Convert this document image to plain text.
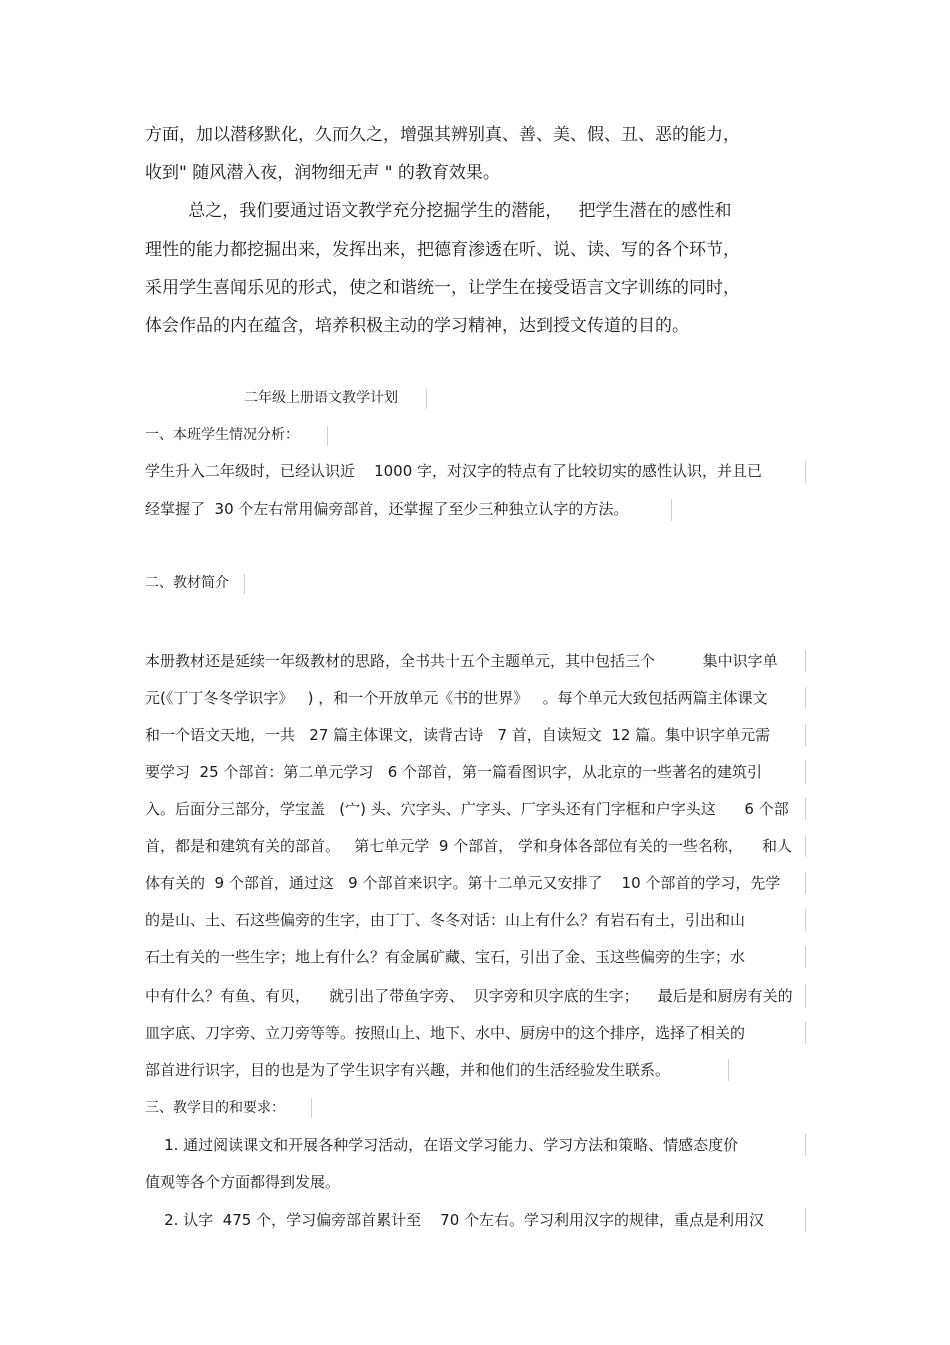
方面，加以潜移默化，久而久之，增强其辨别真、善、美、假、丑、恶的能力，
收到" 随风潜入夜，润物细无声 " 的教育效果。
总之，我们要通过语文教学充分挖掘学生的潜能，   把学生潜在的感性和
理性的能力都挖掘出来，发挥出来，把德育渗透在听、说、读、写的各个环节，
采用学生喜闻乐见的形式，使之和谐统一，让学生在接受语言文字训练的同时，
体会作品的内在蕴含，培养积极主动的学习精神，达到授文传道的目的。
二年级上册语文教学计划
一、本班学生情况分析：
学生升入二年级时，已经认识近    1000 字，对汉字的特点有了比较切实的感性认识，并且已
经掌握了  30 个左右常用偏旁部首，还掌握了至少三种独立认字的方法。
二、教材简介
本册教材还是延续一年级教材的思路，全书共十五个主题单元，其中包括三个          集中识字单
元(《丁丁冬冬学识字》   ) ，和一个开放单元《书的世界》   。每个单元大致包括两篇主体课文
和一个语文天地，一共   27 篇主体课文，读背古诗   7 首，自读短文  12 篇。集中识字单元需
要学习  25 个部首：第二单元学习   6 个部首，第一篇看图识字，从北京的一些著名的建筑引
入。后面分三部分，学宝盖   (宀) 头、穴字头、广字头、厂字头还有门字框和户字头这      6 个部
首，都是和建筑有关的部首。   第七单元学  9 个部首， 学和身体各部位有关的一些名称，    和人
体有关的  9 个部首，通过这   9 个部首来识字。第十二单元又安排了    10 个部首的学习，先学
的是山、土、石这些偏旁的生字，由丁丁、冬冬对话：山上有什么？有岩石有土，引出和山
石土有关的一些生字；地上有什么？有金属矿藏、宝石，引出了金、玉这些偏旁的生字；水
中有什么？有鱼、有贝，    就引出了带鱼字旁、  贝字旁和贝字底的生字；    最后是和厨房有关的
皿字底、刀字旁、立刀旁等等。按照山上、地下、水中、厨房中的这个排序，选择了相关的
部首进行识字，目的也是为了学生识字有兴趣，并和他们的生活经验发生联系。
三、教学目的和要求：
1. 通过阅读课文和开展各种学习活动，在语文学习能力、学习方法和策略、情感态度价
值观等各个方面都得到发展。
2. 认字  475 个，学习偏旁部首累计至    70 个左右。学习利用汉字的规律，重点是利用汉
